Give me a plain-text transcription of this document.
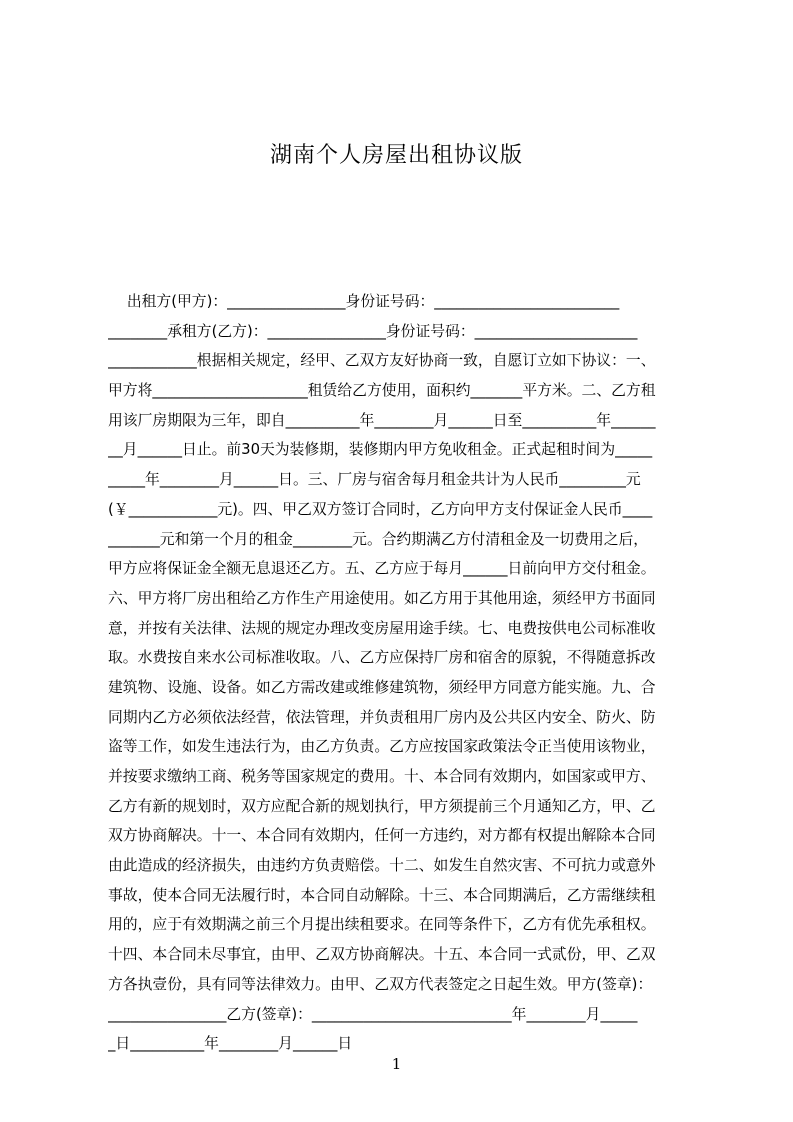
湖南个人房屋出租协议版
出租方(甲方)：________________身份证号码：_________________________
________承租方(乙方)：________________身份证号码：______________________
____________根据相关规定，经甲、乙双方友好协商一致，自愿订立如下协议：一、
甲方将_____________________租赁给乙方使用，面积约_______平方米。二、乙方租
用该厂房期限为三年，即自__________年________月______日至__________年______
__月______日止。前30天为装修期，装修期内甲方免收租金。正式起租时间为_____
_____年________月______日。三、厂房与宿舍每月租金共计为人民币_________元
(￥____________元)。四、甲乙双方签订合同时，乙方向甲方支付保证金人民币____
_______元和第一个月的租金________元。合约期满乙方付清租金及一切费用之后，
甲方应将保证金全额无息退还乙方。五、乙方应于每月______日前向甲方交付租金。
六、甲方将厂房出租给乙方作生产用途使用。如乙方用于其他用途，须经甲方书面同
意，并按有关法律、法规的规定办理改变房屋用途手续。七、电费按供电公司标准收
取。水费按自来水公司标准收取。八、乙方应保持厂房和宿舍的原貌，不得随意拆改
建筑物、设施、设备。如乙方需改建或维修建筑物，须经甲方同意方能实施。九、合
同期内乙方必须依法经营，依法管理，并负责租用厂房内及公共区内安全、防火、防
盗等工作，如发生违法行为，由乙方负责。乙方应按国家政策法令正当使用该物业，
并按要求缴纳工商、税务等国家规定的费用。十、本合同有效期内，如国家或甲方、
乙方有新的规划时，双方应配合新的规划执行，甲方须提前三个月通知乙方，甲、乙
双方协商解决。十一、本合同有效期内，任何一方违约，对方都有权提出解除本合同
由此造成的经济损失，由违约方负责赔偿。十二、如发生自然灾害、不可抗力或意外
事故，使本合同无法履行时，本合同自动解除。十三、本合同期满后，乙方需继续租
用的，应于有效期满之前三个月提出续租要求。在同等条件下，乙方有优先承租权。
十四、本合同未尽事宜，由甲、乙双方协商解决。十五、本合同一式贰份，甲、乙双
方各执壹份，具有同等法律效力。由甲、乙双方代表签定之日起生效。甲方(签章)：
________________乙方(签章)：___________________________年________月_____
_日__________年________月______日
1
